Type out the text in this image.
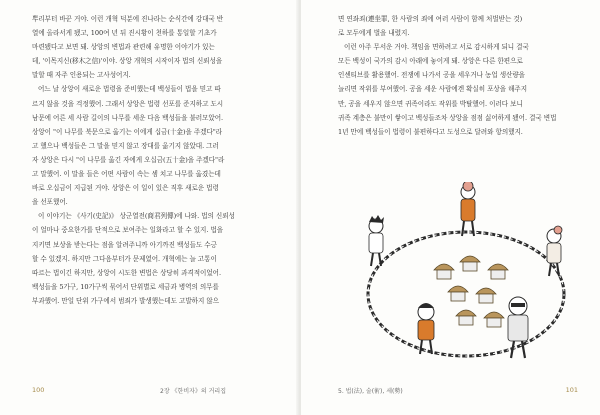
뿌리부터 바꾼 거야. 이런 개혁 덕분에 진나라는 순식간에 강대국 반
열에 올라서게 됐고, 100여 년 뒤 진시황이 천하를 통일할 기초가
마련됐다고 보면 돼. 상앙의 변법과 관련해 유명한 이야기가 있는
데, '이목지신(移木之信)'이야. 상앙 개혁의 시작이자 법의 신뢰성을
말할 때 자주 인용되는 고사성어지.
어느 날 상앙이 새로운 법령을 준비했는데 백성들이 법을 믿고 따
르지 않을 것을 걱정했어. 그래서 상앙은 법령 선포를 준지하고 도시
남문에 어른 세 사람 길이의 나무를 세운 다음 백성들을 불러모았어.
상앙이 "이 나무를 북문으로 옮기는 이에게 십금(十金)을 주겠다"라
고 했으나 백성들은 그 말을 믿지 않고 장대를 옮기지 않았대. 그러
자 상앙은 다시 "이 나무를 옮긴 자에게 오십금(五十金)을 주겠다"라
고 말했어. 이 말을 들은 어떤 사람이 속는 셈 치고 나무를 옮겼는데
바로 오십금이 지급된 거야. 상앙은 이 일이 있은 직후 새로운 법령
을 선포했어.
이 이야기는 《사기(史記)》 상군열전(商君列傳)에 나와. 법의 신뢰성
이 얼마나 중요한가를 단적으로 보여주는 일화라고 할 수 있지. 법을
지키면 보상을 받는다는 점을 알려주니까 아기까진 백성들도 수긍
할 수 있겠지. 하지만 그다음부터가 문제였어. 개혁에는 늘 고통이
따르는 법이긴 하지만, 상앙이 시도한 변법은 상당히 과격적이었어.
백성들을 5가구, 10가구씩 묶어서 단위별로 세금과 병역의 의무를
부과했어. 만일 단위 가구에서 범죄가 발생했는데도 고발하지 않으
100	2장 《한비자》의 거리집
면 연좌죄(連坐罪, 한 사람의 죄에 여러 사람이 함께 처벌받는 것)
로 모두에게 벌을 내렸지.
이런 아주 무서운 거야. 책임을 면하려고 서로 감시하게 되니 결국
모든 백성이 국가의 감시 아래에 놓이게 돼. 상앙은 다른 한편으로
인센티브를 활용했어. 전쟁에 나가서 공을 세우거나 농업 생산량을
늘리면 작위를 부여했어. 공을 세운 사람에겐 확실히 포상을 해주지
만, 공을 세우지 않으면 귀족이라도 작위를 박탈했어. 이러다 보니
귀족 계층은 불만이 쌓이고 백성들조차 상앙을 점점 싫어하게 됐어. 결국 변법
1년 만에 백성들이 법령이 불편하다고 도성으로 달려와 항의했지.
5. 법(法), 술(術), 세(勢)	101
